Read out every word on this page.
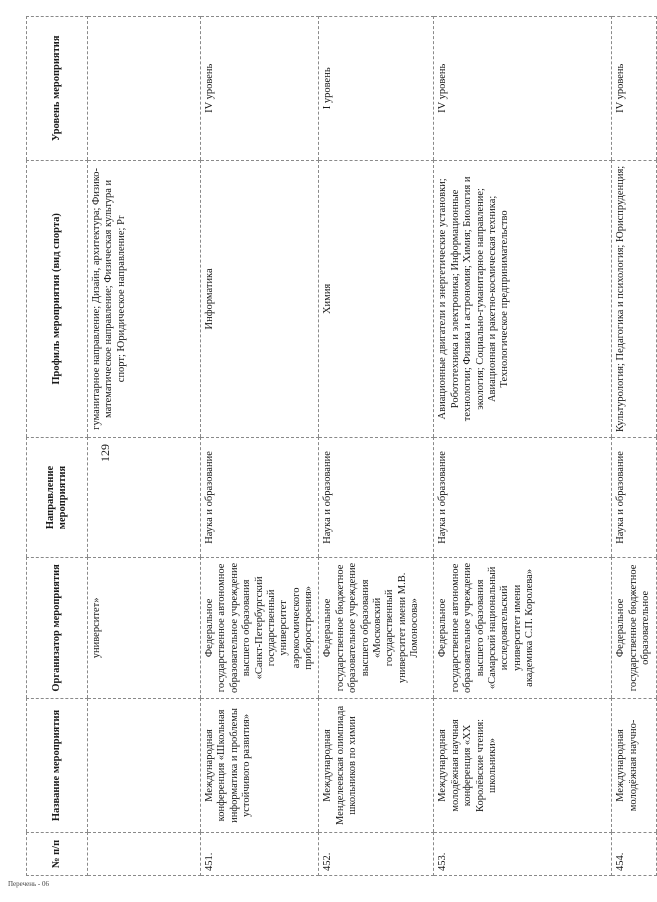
129
№ п/п	Название мероприятия	Организатор мероприятия	Направление мероприятия	Профиль мероприятия (вид спорта)	Уровень мероприятия
		университет»		гуманитарное направление; Дизайн, архитектура; Физико-математическое направление; Физическая культура и спорт; Юридическое направление; Pr	
451.	Международная конференция «Школьная информатика и проблемы устойчивого развития»	Федеральное государственное автономное образовательное учреждение высшего образования «Санкт-Петербургский государственный университет аэрокосмического приборостроения»	Наука и образование	Информатика	IV уровень
452.	Международная Менделеевская олимпиада школьников по химии	Федеральное государственное бюджетное образовательное учреждение высшего образования «Московский государственный университет имени М.В. Ломоносова»	Наука и образование	Химия	I уровень
453.	Международная молодёжная научная конференция «XX Королёвские чтения: школьники»	Федеральное государственное автономное образовательное учреждение высшего образования «Самарский национальный исследовательский университет имени академика С.П. Королева»	Наука и образование	Авиационные двигатели и энергетические установки; Робототехника и электроника; Информационные технологии; Физика и астрономия; Химия; Биология и экология; Социально-гуманитарное направление; Авиационная и ракетно-космическая техника; Технологическое предпринимательство	IV уровень
454.	Международная молодёжная научно-	Федеральное государственное бюджетное образовательное	Наука и образование	Культурология; Педагогика и психология; Юриспруденция;	IV уровень
Перечень - 06
